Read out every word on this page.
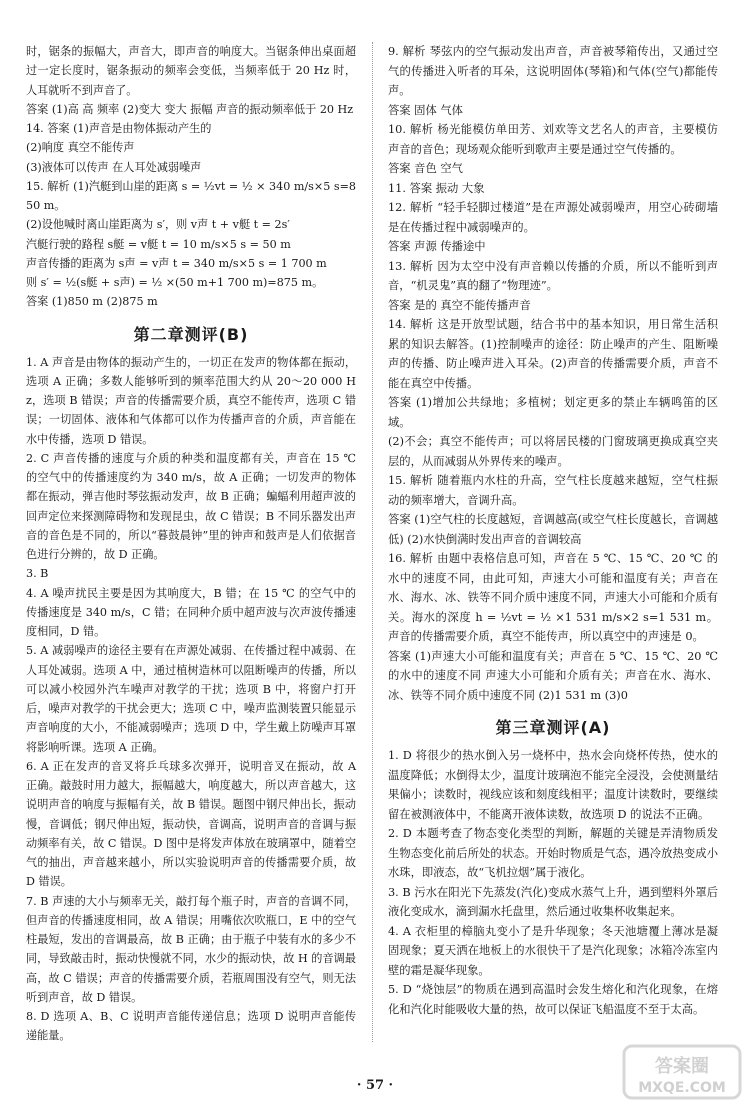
时，锯条的振幅大，声音大，即声音的响度大。当锯条伸出桌面超过一定长度时，锯条振动的频率会变低，当频率低于 20 Hz 时，人耳就听不到声音了。

答案 (1)高 高 频率 (2)变大 变大 振幅 声音的振动频率低于 20 Hz

14. 答案 (1)声音是由物体振动产生的

(2)响度 真空不能传声

(3)液体可以传声 在人耳处减弱噪声

15. 解析 (1)汽艇到山崖的距离 s = ½vt = ½ × 340 m/s×5 s=850 m。

(2)设他喊时离山崖距离为 s′，则 v声 t + v艇 t = 2s′

汽艇行驶的路程 s艇 = v艇 t = 10 m/s×5 s = 50 m

声音传播的距离为 s声 = v声 t = 340 m/s×5 s = 1 700 m

则 s′ = ½(s艇 + s声) = ½ ×(50 m+1 700 m)=875 m。

答案 (1)850 m (2)875 m

第二章测评(B)

1. A 声音是由物体的振动产生的，一切正在发声的物体都在振动，选项 A 正确；多数人能够听到的频率范围大约从 20～20 000 Hz，选项 B 错误；声音的传播需要介质，真空不能传声，选项 C 错误；一切固体、液体和气体都可以作为传播声音的介质，声音能在水中传播，选项 D 错误。

2. C 声音传播的速度与介质的种类和温度都有关，声音在 15 ℃ 的空气中的传播速度约为 340 m/s，故 A 正确；一切发声的物体都在振动，弹吉他时琴弦振动发声，故 B 正确；蝙蝠利用超声波的回声定位来探测障碍物和发现昆虫，故 C 错误；B 不同乐器发出声音的音色是不同的，所以“暮鼓晨钟”里的钟声和鼓声是人们依据音色进行分辨的，故 D 正确。

3. B

4. A 噪声扰民主要是因为其响度大，B 错；在 15 ℃ 的空气中的传播速度是 340 m/s，C 错；在同种介质中超声波与次声波传播速度相同，D 错。

5. A 减弱噪声的途径主要有在声源处减弱、在传播过程中减弱、在人耳处减弱。选项 A 中，通过植树造林可以阻断噪声的传播，所以可以减小校园外汽车噪声对教学的干扰；选项 B 中，将窗户打开后，噪声对教学的干扰会更大；选项 C 中，噪声监测装置只能显示声音响度的大小，不能减弱噪声；选项 D 中，学生戴上防噪声耳罩将影响听课。选项 A 正确。

6. A 正在发声的音叉将乒乓球多次弹开，说明音叉在振动，故 A 正确。敲鼓时用力越大，振幅越大，响度越大，所以声音越大，这说明声音的响度与振幅有关，故 B 错误。题图中钢尺伸出长，振动慢，音调低；钢尺伸出短，振动快，音调高，说明声音的音调与振动频率有关，故 C 错误。D 图中是将发声体放在玻璃罩中，随着空气的抽出，声音越来越小，所以实验说明声音的传播需要介质，故 D 错误。

7. B 声速的大小与频率无关，敲打每个瓶子时，声音的音调不同，但声音的传播速度相同，故 A 错误；用嘴依次吹瓶口，E 中的空气柱最短，发出的音调最高，故 B 正确；由于瓶子中装有水的多少不同，导致敲击时，振动快慢就不同，水少的振动快，故 H 的音调最高，故 C 错误；声音的传播需要介质，若瓶周围没有空气，则无法听到声音，故 D 错误。

8. D 选项 A、B、C 说明声音能传递信息；选项 D 说明声音能传递能量。

9. 解析 琴弦内的空气振动发出声音，声音被琴箱传出，又通过空气的传播进入听者的耳朵，这说明固体(琴箱)和气体(空气)都能传声。

答案 固体 气体

10. 解析 杨光能模仿单田芳、刘欢等文艺名人的声音，主要模仿声音的音色；现场观众能听到歌声主要是通过空气传播的。

答案 音色 空气

11. 答案 振动 大象

12. 解析 “轻手轻脚过楼道”是在声源处减弱噪声，用空心砖砌墙是在传播过程中减弱噪声的。

答案 声源 传播途中

13. 解析 因为太空中没有声音赖以传播的介质，所以不能听到声音，“机灵鬼”真的翻了“物理迹”。

答案 是的 真空不能传播声音

14. 解析 这是开放型试题，结合书中的基本知识，用日常生活积累的知识去解答。(1)控制噪声的途径：防止噪声的产生、阻断噪声的传播、防止噪声进入耳朵。(2)声音的传播需要介质，声音不能在真空中传播。

答案 (1)增加公共绿地；多植树；划定更多的禁止车辆鸣笛的区域。

(2)不会；真空不能传声；可以将居民楼的门窗玻璃更换成真空夹层的，从而减弱从外界传来的噪声。

15. 解析 随着瓶内水柱的升高，空气柱长度越来越短，空气柱振动的频率增大，音调升高。

答案 (1)空气柱的长度越短，音调越高(或空气柱长度越长，音调越低) (2)水快倒满时发出声音的音调较高

16. 解析 由题中表格信息可知，声音在 5 ℃、15 ℃、20 ℃ 的水中的速度不同，由此可知，声速大小可能和温度有关；声音在水、海水、冰、铁等不同介质中速度不同，声速大小可能和介质有关。海水的深度 h = ½vt = ½ ×1 531 m/s×2 s=1 531 m。声音的传播需要介质，真空不能传声，所以真空中的声速是 0。

答案 (1)声速大小可能和温度有关；声音在 5 ℃、15 ℃、20 ℃ 的水中的速度不同 声速大小可能和介质有关；声音在水、海水、冰、铁等不同介质中速度不同 (2)1 531 m (3)0

第三章测评(A)

1. D 将很少的热水倒入另一烧杯中，热水会向烧杯传热，使水的温度降低；水倒得太少，温度计玻璃泡不能完全浸没，会使测量结果偏小；读数时，视线应该和刻度线相平；温度计读数时，要继续留在被测液体中，不能离开液体读数，故选项 D 的说法不正确。

2. D 本题考查了物态变化类型的判断，解题的关键是弄清物质发生物态变化前后所处的状态。开始时物质是气态，遇冷放热变成小水珠，即液态，故“飞机拉烟”属于液化。

3. B 污水在阳光下先蒸发(汽化)变成水蒸气上升，遇到塑料外罩后液化变成水，滴到漏水托盘里，然后通过收集杯收集起来。

4. A 衣柜里的樟脑丸变小了是升华现象；冬天池塘覆上薄冰是凝固现象；夏天洒在地板上的水很快干了是汽化现象；冰箱冷冻室内壁的霜是凝华现象。

5. D “烧蚀层”的物质在遇到高温时会发生熔化和汽化现象，在熔化和汽化时能吸收大量的热，故可以保证飞船温度不至于太高。

· 57 ·
答案圈
MXQE.COM
